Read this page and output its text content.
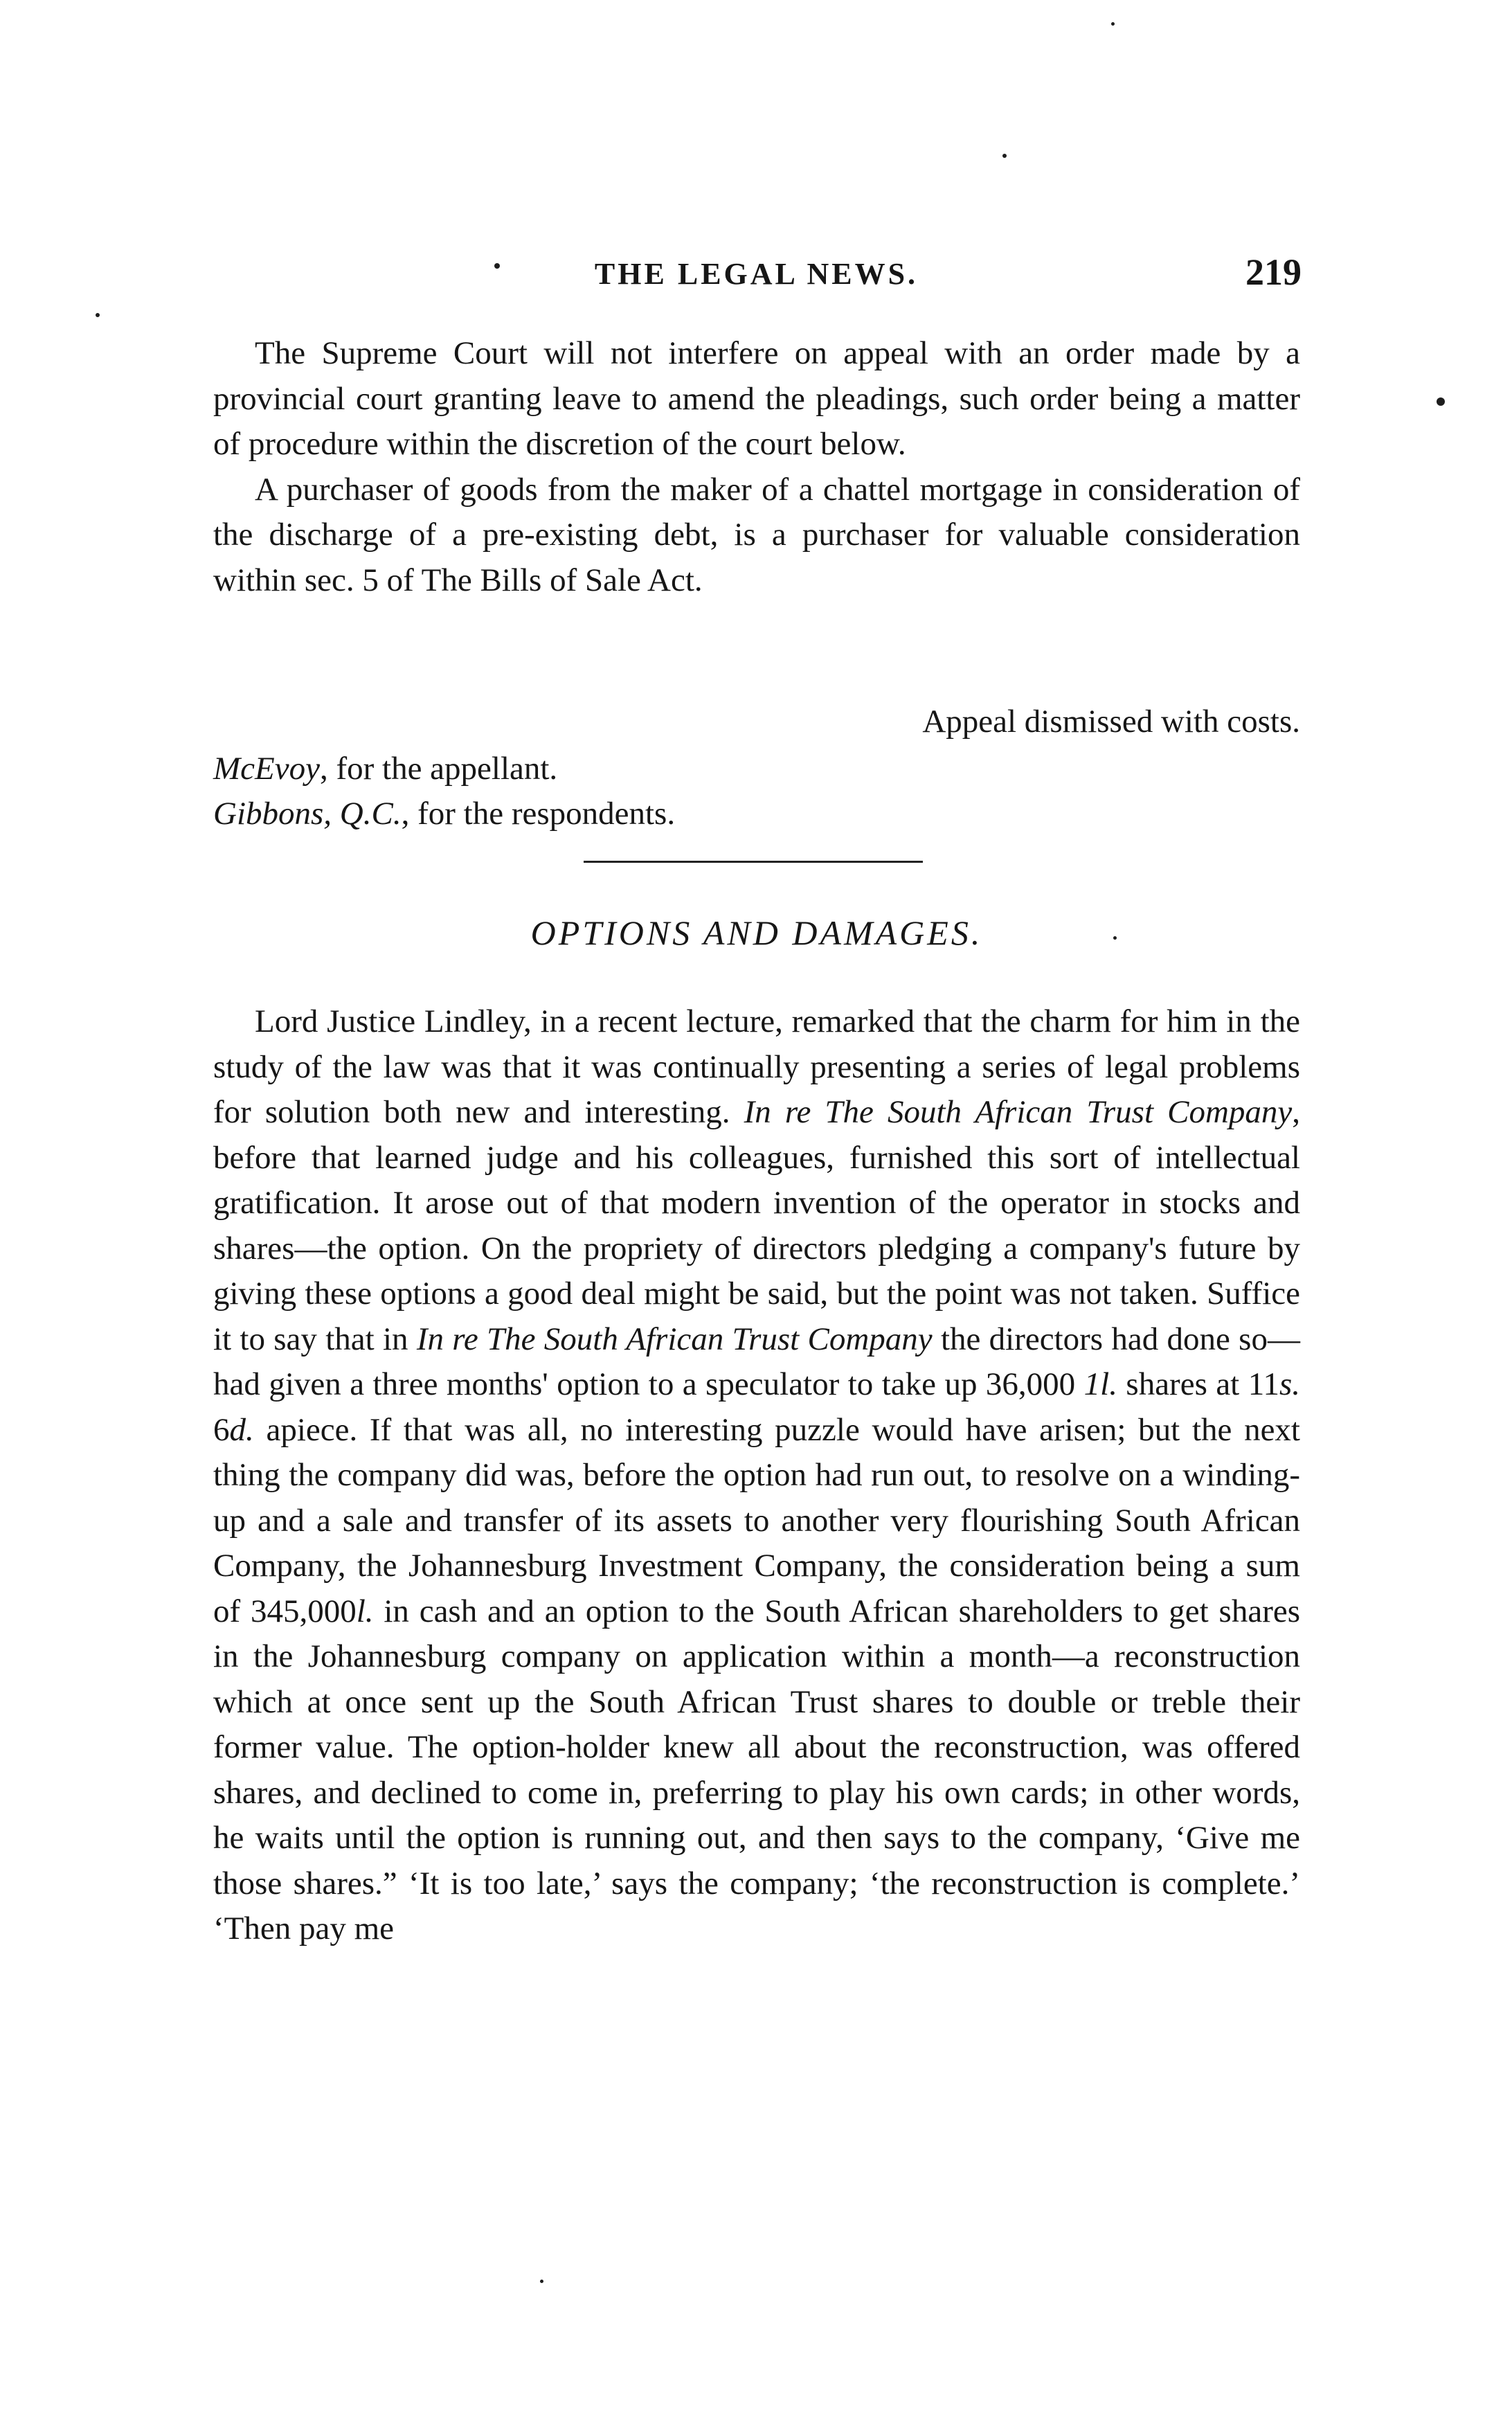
THE LEGAL NEWS.	219

The Supreme Court will not interfere on appeal with an order made by a provincial court granting leave to amend the pleadings, such order being a matter of procedure within the discretion of the court below.

A purchaser of goods from the maker of a chattel mortgage in consideration of the discharge of a pre-existing debt, is a purchaser for valuable consideration within sec. 5 of The Bills of Sale Act.

Appeal dismissed with costs.
McEvoy, for the appellant.
Gibbons, Q.C., for the respondents.
OPTIONS AND DAMAGES.

Lord Justice Lindley, in a recent lecture, remarked that the charm for him in the study of the law was that it was continually presenting a series of legal problems for solution both new and interesting. In re The South African Trust Company, before that learned judge and his colleagues, furnished this sort of intellectual gratification. It arose out of that modern invention of the operator in stocks and shares—the option. On the propriety of directors pledging a company's future by giving these options a good deal might be said, but the point was not taken. Suffice it to say that in In re The South African Trust Company the directors had done so—had given a three months' option to a speculator to take up 36,000 1l. shares at 11s. 6d. apiece. If that was all, no interesting puzzle would have arisen; but the next thing the company did was, before the option had run out, to resolve on a winding-up and a sale and transfer of its assets to another very flourishing South African Company, the Johannesburg Investment Company, the consideration being a sum of 345,000l. in cash and an option to the South African shareholders to get shares in the Johannesburg company on application within a month—a reconstruction which at once sent up the South African Trust shares to double or treble their former value. The option-holder knew all about the reconstruction, was offered shares, and declined to come in, preferring to play his own cards; in other words, he waits until the option is running out, and then says to the company, ‘Give me those shares.” ‘It is too late,’ says the company; ‘the reconstruction is complete.’ ‘Then pay me
